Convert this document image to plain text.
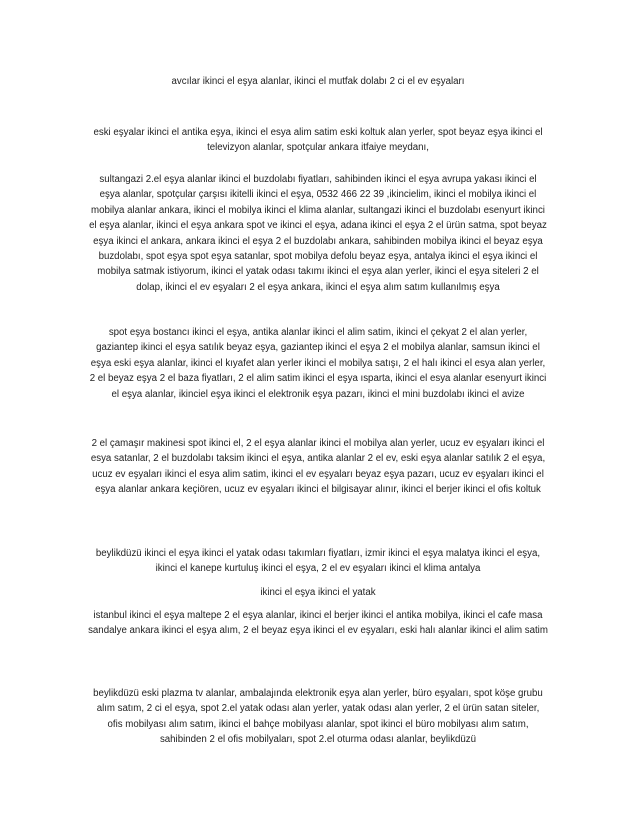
avcılar ikinci el eşya alanlar, ikinci el mutfak dolabı 2 ci el ev eşyaları

eski eşyalar ikinci el antika eşya, ikinci el esya alim satim eski koltuk alan yerler, spot beyaz eşya ikinci el televizyon alanlar, spotçular ankara itfaiye meydanı,

sultangazi 2.el eşya alanlar ikinci el buzdolabı fiyatları, sahibinden ikinci el eşya avrupa yakası ikinci el eşya alanlar, spotçular çarşısı ikitelli ikinci el eşya, 0532 466 22 39 ,ikincielim, ikinci el mobilya ikinci el mobilya alanlar ankara, ikinci el mobilya ikinci el klima alanlar, sultangazi ikinci el buzdolabı esenyurt ikinci el eşya alanlar, ikinci el eşya ankara spot ve ikinci el eşya, adana ikinci el eşya 2 el ürün satma, spot beyaz eşya ikinci el ankara, ankara ikinci el eşya 2 el buzdolabı ankara, sahibinden mobilya ikinci el beyaz eşya buzdolabı, spot eşya spot eşya satanlar, spot mobilya defolu beyaz eşya, antalya ikinci el eşya ikinci el mobilya satmak istiyorum, ikinci el yatak odası takımı ikinci el eşya alan yerler, ikinci el eşya siteleri 2 el dolap, ikinci el ev eşyaları 2 el eşya ankara, ikinci el eşya alım satım kullanılmış eşya

spot eşya bostancı ikinci el eşya, antika alanlar ikinci el alim satim, ikinci el çekyat 2 el alan yerler, gaziantep ikinci el eşya satılık beyaz eşya, gaziantep ikinci el eşya 2 el mobilya alanlar, samsun ikinci el eşya eski eşya alanlar, ikinci el kıyafet alan yerler ikinci el mobilya satışı, 2 el halı ikinci el esya alan yerler, 2 el beyaz eşya 2 el baza fiyatları, 2 el alim satim ikinci el eşya ısparta, ikinci el esya alanlar esenyurt ikinci el eşya alanlar, ikinciel eşya ikinci el elektronik eşya pazarı, ikinci el mini buzdolabı ikinci el avize

2 el çamaşır makinesi spot ikinci el, 2 el eşya alanlar ikinci el mobilya alan yerler, ucuz ev eşyaları ikinci el esya satanlar, 2 el buzdolabı taksim ikinci el eşya, antika alanlar 2 el ev, eski eşya alanlar satılık 2 el eşya, ucuz ev eşyaları ikinci el esya alim satim, ikinci el ev eşyaları beyaz eşya pazarı, ucuz ev eşyaları ikinci el eşya alanlar ankara keçiören, ucuz ev eşyaları ikinci el bilgisayar alınır, ikinci el berjer ikinci el ofis koltuk

beylikdüzü ikinci el eşya ikinci el yatak odası takımları fiyatları, izmir ikinci el eşya malatya ikinci el eşya, ikinci el kanepe kurtuluş ikinci el eşya, 2 el ev eşyaları ikinci el klima antalya

ikinci el eşya ikinci el yatak

istanbul ikinci el eşya maltepe 2 el eşya alanlar, ikinci el berjer ikinci el antika mobilya, ikinci el cafe masa sandalye ankara ikinci el eşya alım, 2 el beyaz eşya ikinci el ev eşyaları, eski halı alanlar ikinci el alim satim

beylikdüzü eski plazma tv alanlar, ambalajında elektronik eşya alan yerler, büro eşyaları, spot köşe grubu alım satım, 2 ci el eşya, spot 2.el yatak odası alan yerler, yatak odası alan yerler, 2 el ürün satan siteler, ofis mobilyası alım satım, ikinci el bahçe mobilyası alanlar, spot ikinci el büro mobilyası alım satım, sahibinden 2 el ofis mobilyaları, spot 2.el oturma odası alanlar, beylikdüzü
